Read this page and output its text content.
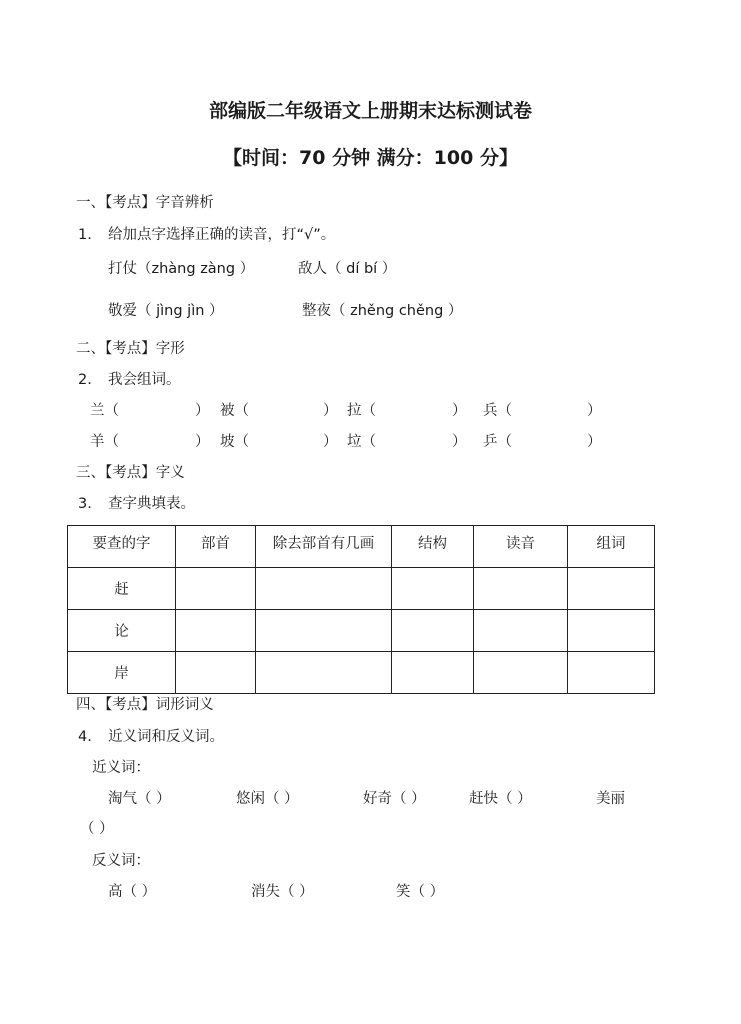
部编版二年级语文上册期末达标测试卷
【时间：70 分钟 满分：100 分】
一、【考点】字音辨析
1. 给加点字选择正确的读音，打“√”。
打仗（zhàng zàng ）	敌人（ dí bí ）
敬爱（ jìng jìn ）	整夜（ zhěng chěng ）
二、【考点】字形
2. 我会组词。
兰（	） 被（	） 拉（	） 兵（	）
羊（	） 坡（	） 垃（	） 乒（	）
三、【考点】字义
3. 查字典填表。
要查的字	部首	除去部首有几画	结构	读音	组词
赶					
论					
岸					
四、【考点】词形词义
4. 近义词和反义词。
近义词：
淘气（ ）	悠闲（ ）	好奇（ ）	赶快（ ）	美丽
（ ）
反义词：
高（ ）	消失（ ）	笑（ ）
